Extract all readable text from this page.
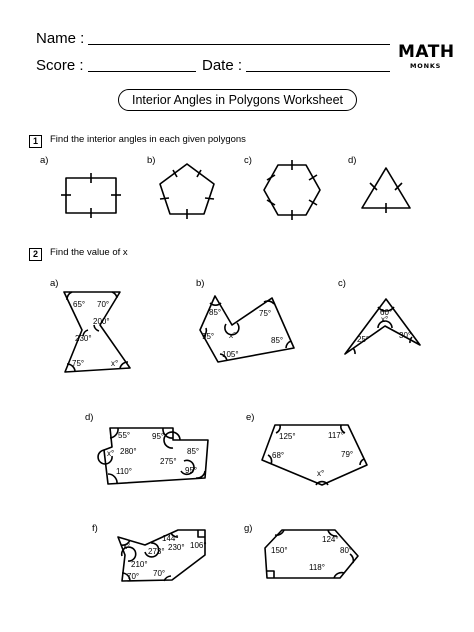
Name :
Score :	Date :
MATH
MONKS
Interior Angles in Polygons Worksheet
1	Find the interior angles in each given polygons
a)	b)	c)	d)
2	Find the value of x
a)	b)	c)
d)	e)
f)	g)
65° 70°
200°
230°
75°	x°
85°	75°
95° x°
105°
85°
60°
25°
x°
30°
55°	95°
x° 280°	85°
110°
275°
95°
125°	117°
68°	79°
x°
x°
144°
273° 230° 106°
210°
70° 70°
124°
150°
118°
80°
